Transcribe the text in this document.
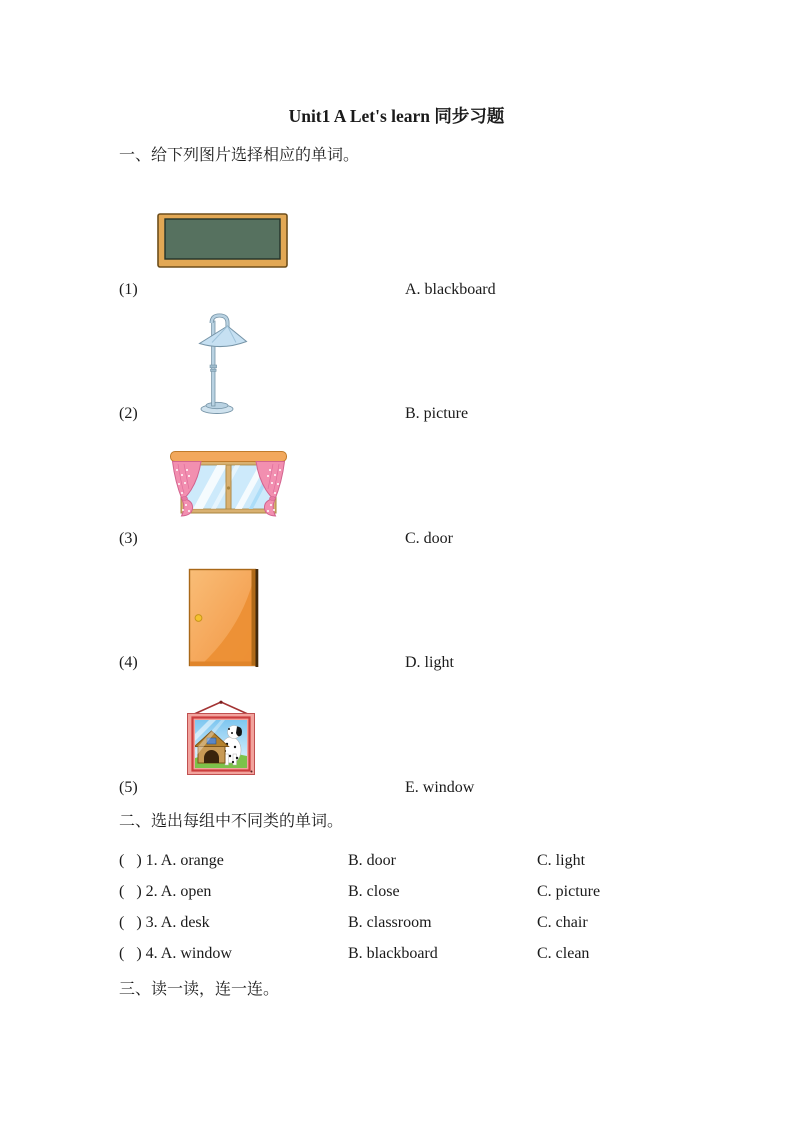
Unit1 A Let's learn 同步习题
一、给下列图片选择相应的单词。
(1)	A. blackboard
(2)	B. picture
(3)	C. door
(4)	D. light
(5)	E. window
二、选出每组中不同类的单词。
(   ) 1. A. orange	B. door	C. light
(   ) 2. A. open	B. close	C. picture
(   ) 3. A. desk	B. classroom	C. chair
(   ) 4. A. window	B. blackboard	C. clean
三、读一读，连一连。
